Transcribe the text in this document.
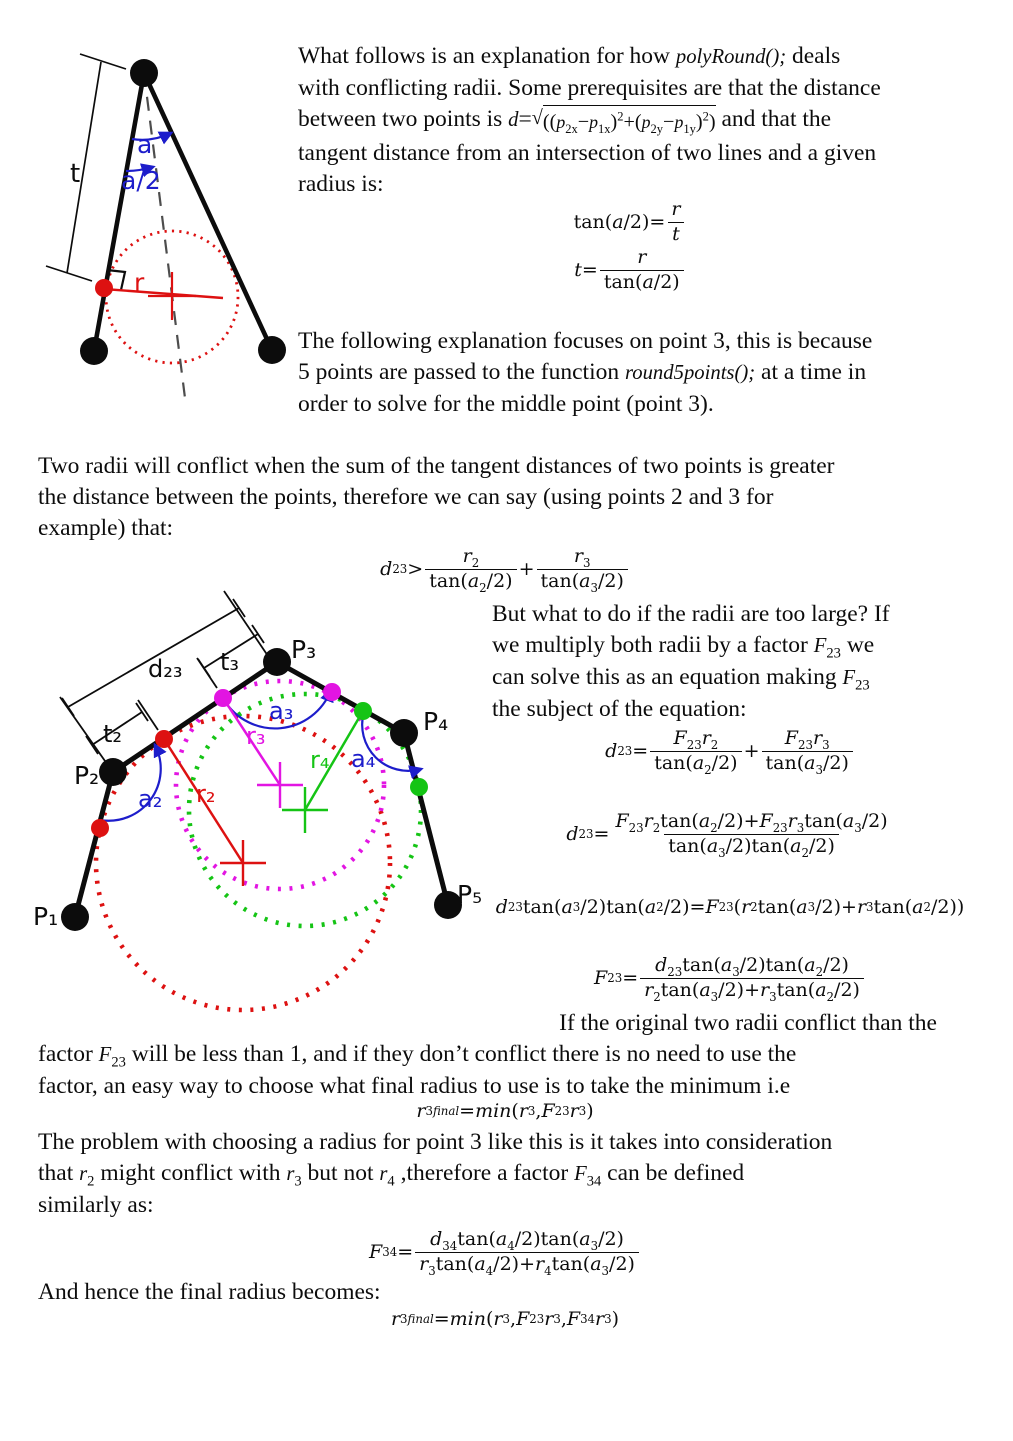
t
a
a/2
r
What follows is an explanation for how polyRound(); deals
with conflicting radii. Some prerequisites are that the distance
between two points is d= √ $((p_{2x}-p_{1x})^2+(p_{2y}-p_{1y})^2)$ and that the
tangent distance from an intersection of two lines and a given
radius is:
tan( a $/2)= \frac{r}{t}$
$t = \frac{r}{\tan(a/2)}$
The following explanation focuses on point 3, this is because
5 points are passed to the function round5points(); at a time in
order to solve for the middle point (point 3).
Two radii will conflict when the sum of the tangent distances of two points is greater
the distance between the points, therefore we can say (using points 2 and 3 for
example) that:
d $23 > \frac{r_2}{\tan(a_2/2)} + \frac{r_3}{\tan(a_3/2)}$
But what to do if the radii are too large? If
we multiply both radii by a factor $F_{23}$ we
can solve this as an equation making $F_{23}$
the subject of the equation:
d $23 = \frac{F_{23}r_2}{\tan(a_2/2)} + \frac{F_{23}r_3}{\tan(a_3/2)}$
d $23 = \frac{F_{23}r_2\tan(a_2/2)+F_{23}r_3\tan(a_3/2)}{\tan(a_3/2)\tan(a_2/2)}$
d 23 tan( a 3 /2)tan( a 2 /2)= F 23 ( r 2 tan( a 3 /2)+ r 3 tan( a 2 /2))
F $23 = \frac{d_{23}\tan(a_3/2)\tan(a_2/2)}{r_2\tan(a_3/2)+r_3\tan(a_2/2)}$
If the original two radii conflict than the
factor $F_{23}$ will be less than 1, and if they don’t conflict there is no need to use the
factor, an easy way to choose what final radius to use is to take the minimum i.e
r 3 final = min ( r 3 , F 23 r 3 )
The problem with choosing a radius for point 3 like this is it takes into consideration
that $r_2$ might conflict with $r_3$ but not $r_4$ ,therefore a factor $F_{34}$ can be defined
similarly as:
F $34 = \frac{d_{34}\tan(a_4/2)\tan(a_3/2)}{r_3\tan(a_4/2)+r_4\tan(a_3/2)}$
And hence the final radius becomes:
r 3 final = min ( r 3 , F 23 r 3 , F 34 r 3 )
d₂₃
t₂
t₃
a₂
a₃
a₄
r₂
r₃
r₄
P₁
P₂
P₃
P₄
P₅
